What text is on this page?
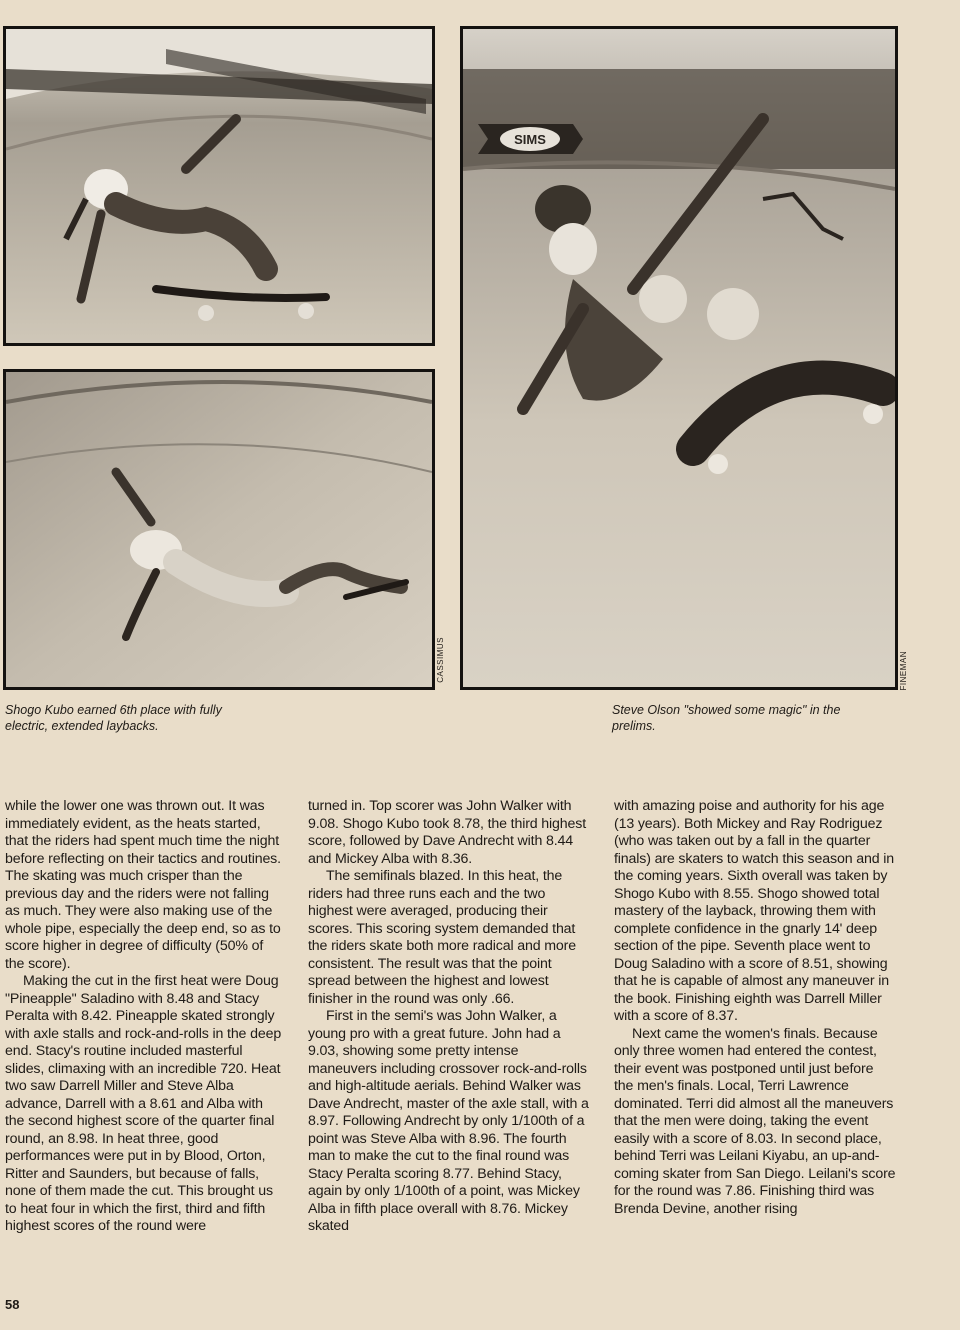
CASSIMUS
SIMS
FINEMAN

Shogo Kubo earned 6th place with fully electric, extended laybacks.

Steve Olson "showed some magic" in the prelims.

while the lower one was thrown out. It was immediately evident, as the heats started, that the riders had spent much time the night before reflecting on their tactics and routines. The skating was much crisper than the previous day and the riders were not falling as much. They were also making use of the whole pipe, especially the deep end, so as to score higher in degree of difficulty (50% of the score).

Making the cut in the first heat were Doug "Pineapple" Saladino with 8.48 and Stacy Peralta with 8.42. Pineapple skated strongly with axle stalls and rock-and-rolls in the deep end. Stacy's routine included masterful slides, climaxing with an incredible 720. Heat two saw Darrell Miller and Steve Alba advance, Darrell with a 8.61 and Alba with the second highest score of the quarter final round, an 8.98. In heat three, good performances were put in by Blood, Orton, Ritter and Saunders, but because of falls, none of them made the cut. This brought us to heat four in which the first, third and fifth highest scores of the round were

turned in. Top scorer was John Walker with 9.08. Shogo Kubo took 8.78, the third highest score, followed by Dave Andrecht with 8.44 and Mickey Alba with 8.36.

The semifinals blazed. In this heat, the riders had three runs each and the two highest were averaged, producing their scores. This scoring system demanded that the riders skate both more radical and more consistent. The result was that the point spread between the highest and lowest finisher in the round was only .66.

First in the semi's was John Walker, a young pro with a great future. John had a 9.03, showing some pretty intense maneuvers including crossover rock-and-rolls and high-altitude aerials. Behind Walker was Dave Andrecht, master of the axle stall, with a 8.97. Following Andrecht by only 1/100th of a point was Steve Alba with 8.96. The fourth man to make the cut to the final round was Stacy Peralta scoring 8.77. Behind Stacy, again by only 1/100th of a point, was Mickey Alba in fifth place overall with 8.76. Mickey skated

with amazing poise and authority for his age (13 years). Both Mickey and Ray Rodriguez (who was taken out by a fall in the quarter finals) are skaters to watch this season and in the coming years. Sixth overall was taken by Shogo Kubo with 8.55. Shogo showed total mastery of the layback, throwing them with complete confidence in the gnarly 14' deep section of the pipe. Seventh place went to Doug Saladino with a score of 8.51, showing that he is capable of almost any maneuver in the book. Finishing eighth was Darrell Miller with a score of 8.37.

Next came the women's finals. Because only three women had entered the contest, their event was postponed until just before the men's finals. Local, Terri Lawrence dominated. Terri did almost all the maneuvers that the men were doing, taking the event easily with a score of 8.03. In second place, behind Terri was Leilani Kiyabu, an up-and-coming skater from San Diego. Leilani's score for the round was 7.86. Finishing third was Brenda Devine, another rising

58
